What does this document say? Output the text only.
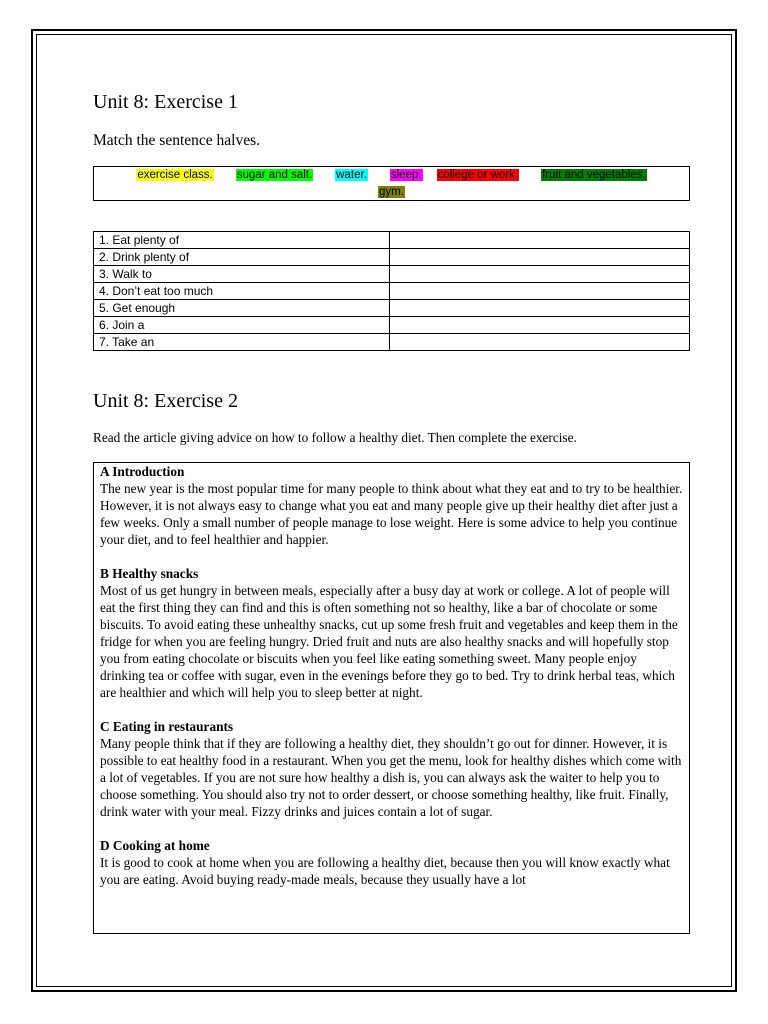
Unit 8: Exercise 1

Match the sentence halves.

exercise class. sugar and salt. water. sleep. college or work. fruit and vegetables.
gym.
1. Eat plenty of	
2. Drink plenty of	
3. Walk to	
4. Don’t eat too much	
5. Get enough	
6. Join a	
7. Take an	
Unit 8: Exercise 2

Read the article giving advice on how to follow a healthy diet. Then complete the exercise.

A Introduction

The new year is the most popular time for many people to think about what they eat and to try to be healthier. However, it is not always easy to change what you eat and many people give up their healthy diet after just a few weeks. Only a small number of people manage to lose weight. Here is some advice to help you continue your diet, and to feel healthier and happier.

B Healthy snacks

Most of us get hungry in between meals, especially after a busy day at work or college. A lot of people will eat the first thing they can find and this is often something not so healthy, like a bar of chocolate or some biscuits. To avoid eating these unhealthy snacks, cut up some fresh fruit and vegetables and keep them in the fridge for when you are feeling hungry. Dried fruit and nuts are also healthy snacks and will hopefully stop you from eating chocolate or biscuits when you feel like eating something sweet. Many people enjoy drinking tea or coffee with sugar, even in the evenings before they go to bed. Try to drink herbal teas, which are healthier and which will help you to sleep better at night.

C Eating in restaurants

Many people think that if they are following a healthy diet, they shouldn’t go out for dinner. However, it is possible to eat healthy food in a restaurant. When you get the menu, look for healthy dishes which come with a lot of vegetables. If you are not sure how healthy a dish is, you can always ask the waiter to help you to choose something. You should also try not to order dessert, or choose something healthy, like fruit. Finally, drink water with your meal. Fizzy drinks and juices contain a lot of sugar.

D Cooking at home

It is good to cook at home when you are following a healthy diet, because then you will know exactly what you are eating. Avoid buying ready-made meals, because they usually have a lot
